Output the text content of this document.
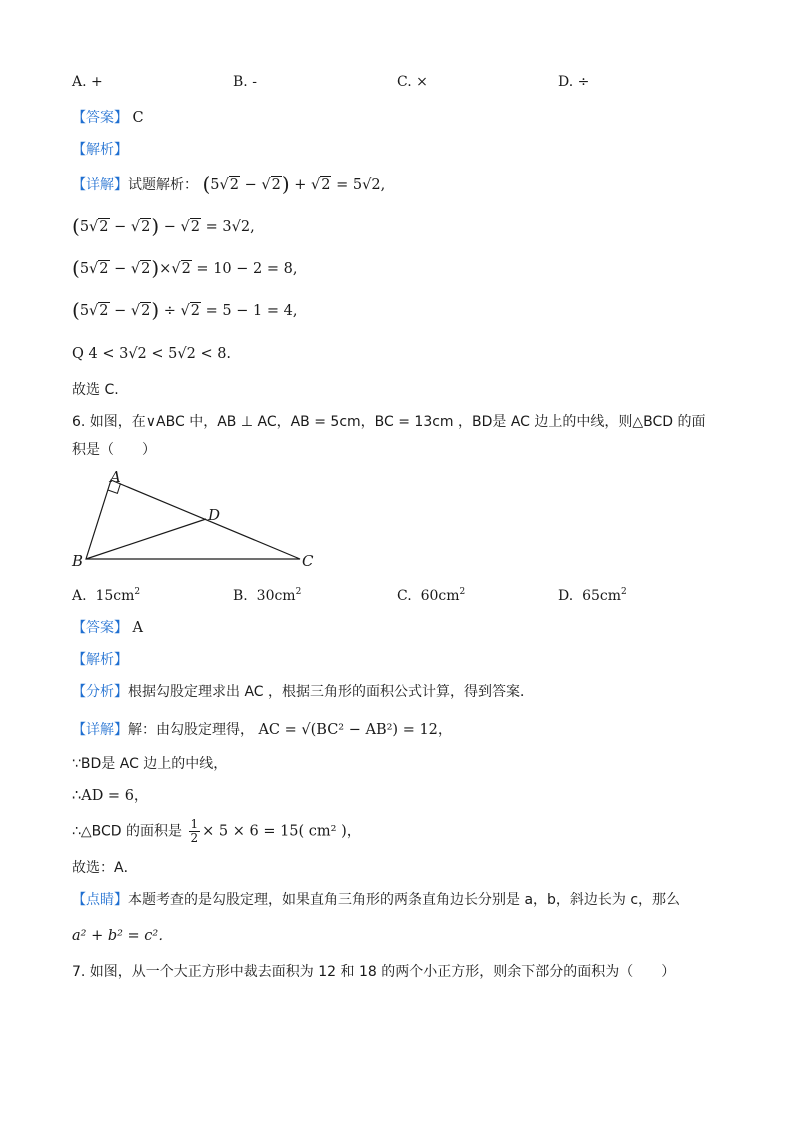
A. +	B. -	C. ×	D. ÷
【答案】 C
【解析】
【详解】试题解析： (5√2 − √2) + √2 = 5√2,
(5√2 − √2) − √2 = 3√2,
(5√2 − √2)×√2 = 10 − 2 = 8,
(5√2 − √2) ÷ √2 = 5 − 1 = 4,
Q 4 < 3√2 < 5√2 < 8.
故选 C.
6. 如图，在∨ABC 中，AB ⊥ AC，AB = 5cm，BC = 13cm ，BD是 AC 边上的中线，则△BCD 的面
积是（　　）
A
B	C
D
A. $15cm^2$	B. $30cm^2$	C. $60cm^2$	D. $65cm^2$
【答案】 A
【解析】
【分析】根据勾股定理求出 AC ，根据三角形的面积公式计算，得到答案．
【详解】解：由勾股定理得， AC = √(BC² − AB²) = 12，
∵BD是 AC 边上的中线，
∴AD = 6，
∴△BCD 的面积是 $\frac{1}{2} \times 5 \times 6 = 15$( cm² )，
故选：A．
【点睛】本题考查的是勾股定理，如果直角三角形的两条直角边长分别是 a，b，斜边长为 c，那么
a² + b² = c²．
7. 如图，从一个大正方形中裁去面积为 12 和 18 的两个小正方形，则余下部分的面积为（　　）
